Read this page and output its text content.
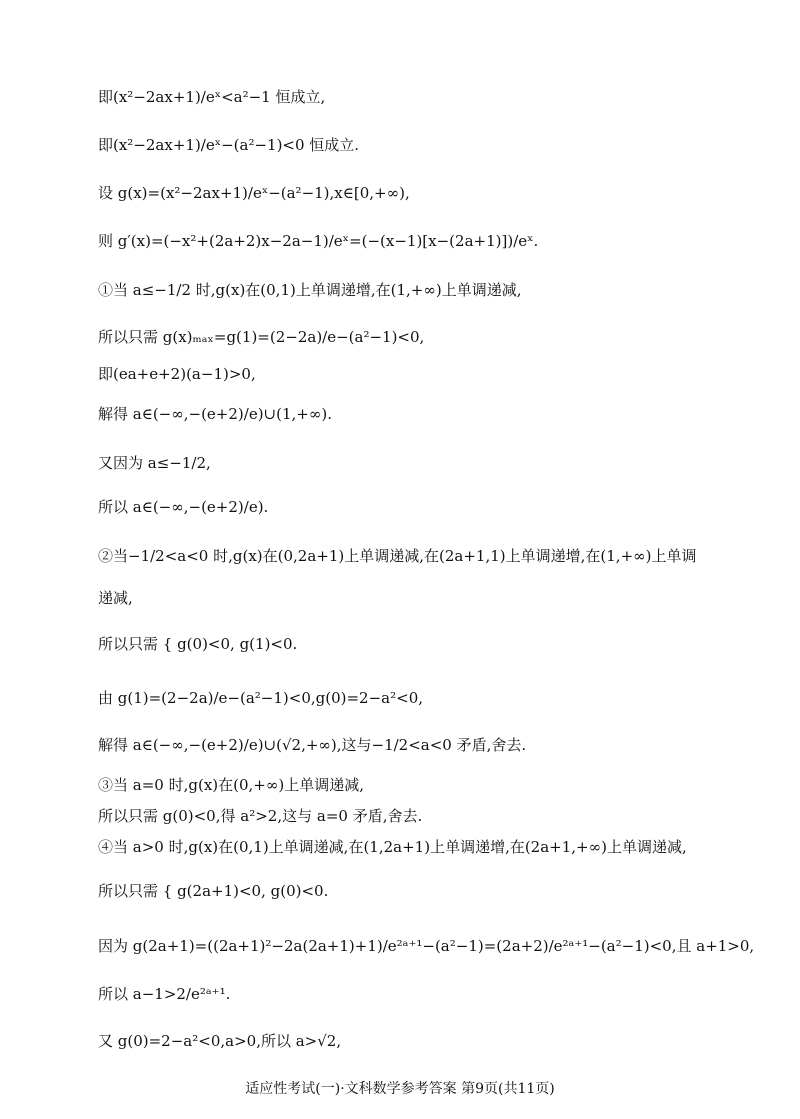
即(x²−2ax+1)/eˣ<a²−1 恒成立,
即(x²−2ax+1)/eˣ−(a²−1)<0 恒成立.
设 g(x)=(x²−2ax+1)/eˣ−(a²−1),x∈[0,+∞),
则 g′(x)=(−x²+(2a+2)x−2a−1)/eˣ=(−(x−1)[x−(2a+1)])/eˣ.
①当 a≤−1/2 时,g(x)在(0,1)上单调递增,在(1,+∞)上单调递减,
所以只需 g(x)ₘₐₓ=g(1)=(2−2a)/e−(a²−1)<0,
即(ea+e+2)(a−1)>0,
解得 a∈(−∞,−(e+2)/e)∪(1,+∞).
又因为 a≤−1/2,
所以 a∈(−∞,−(e+2)/e).
②当−1/2<a<0 时,g(x)在(0,2a+1)上单调递减,在(2a+1,1)上单调递增,在(1,+∞)上单调
递减,
所以只需 { g(0)<0, g(1)<0.
由 g(1)=(2−2a)/e−(a²−1)<0,g(0)=2−a²<0,
解得 a∈(−∞,−(e+2)/e)∪(√2,+∞),这与−1/2<a<0 矛盾,舍去.
③当 a=0 时,g(x)在(0,+∞)上单调递减,
所以只需 g(0)<0,得 a²>2,这与 a=0 矛盾,舍去.
④当 a>0 时,g(x)在(0,1)上单调递减,在(1,2a+1)上单调递增,在(2a+1,+∞)上单调递减,
所以只需 { g(2a+1)<0, g(0)<0.
因为 g(2a+1)=((2a+1)²−2a(2a+1)+1)/e²ᵃ⁺¹−(a²−1)=(2a+2)/e²ᵃ⁺¹−(a²−1)<0,且 a+1>0,
所以 a−1>2/e²ᵃ⁺¹.
又 g(0)=2−a²<0,a>0,所以 a>√2,
适应性考试(一)·文科数学参考答案 第9页(共11页)
